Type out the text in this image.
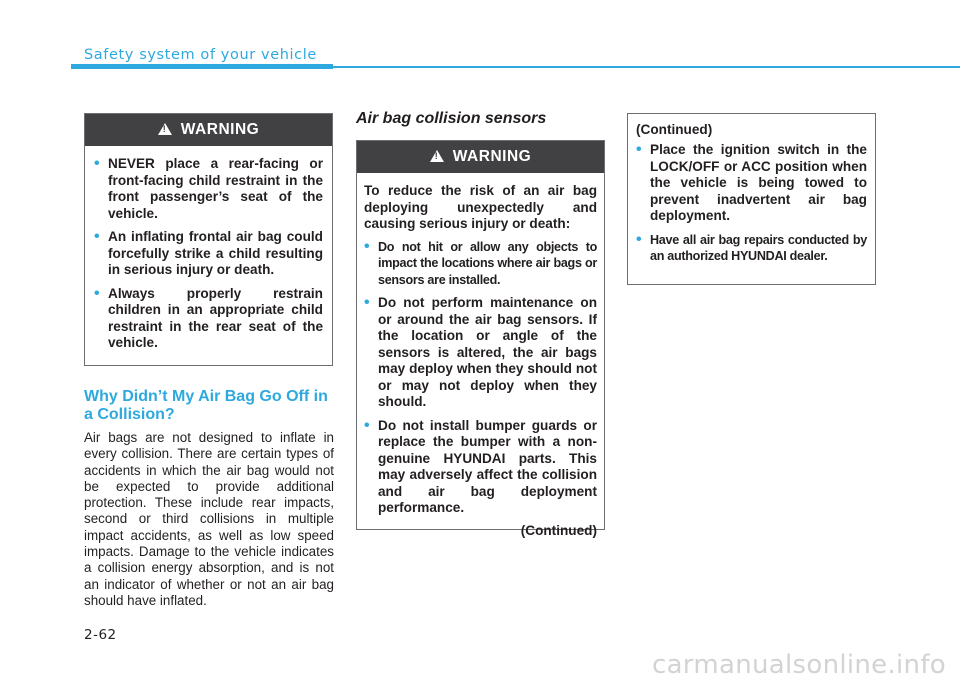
Safety system of your vehicle
!
WARNING
• NEVER place a rear-facing or front-facing child restraint in the front passenger’s seat of the vehicle.
• An inflating frontal air bag could forcefully strike a child resulting in serious injury or death.
• Always properly restrain children in an appropriate child restraint in the rear seat of the vehicle.
Why Didn’t My Air Bag Go Off in a Collision?
Air bags are not designed to inflate in every collision. There are certain types of accidents in which the air bag would not be expected to provide additional protection. These include rear impacts, second or third collisions in multiple impact accidents, as well as low speed impacts. Damage to the vehicle indicates a collision energy absorption, and is not an indicator of whether or not an air bag should have inflated.
Air bag collision sensors
!
WARNING

To reduce the risk of an air bag deploying unexpectedly and causing serious injury or death:

• Do not hit or allow any objects to impact the locations where air bags or sensors are installed.
• Do not perform maintenance on or around the air bag sensors. If the location or angle of the sensors is altered, the air bags may deploy when they should not or may not deploy when they should.
• Do not install bumper guards or replace the bumper with a non-genuine HYUNDAI parts. This may adversely affect the collision and air bag deployment performance.
(Continued)

(Continued)

• Place the ignition switch in the LOCK/OFF or ACC position when the vehicle is being towed to prevent inadvertent air bag deployment.
• Have all air bag repairs conducted by an authorized HYUNDAI dealer.
2-62
carmanualsonline.info
